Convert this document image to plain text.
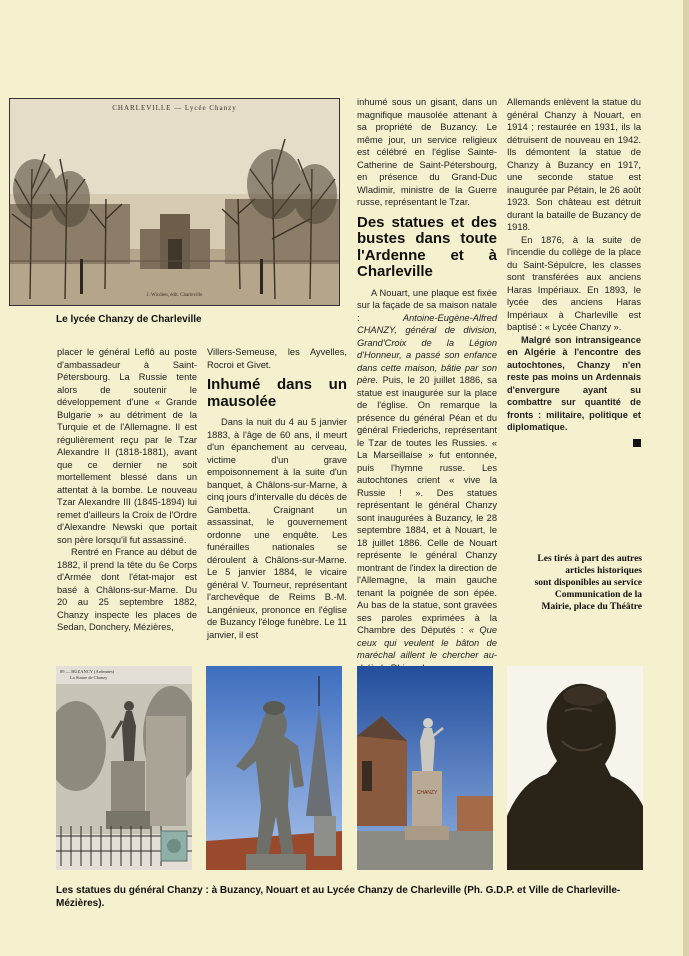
CHARLEVILLE — Lycée Chanzy
J. Wicdieu, édit. Charleville
Le lycée Chanzy de Charleville

placer le général Leflô au poste d'ambassadeur à Saint-Pétersbourg. La Russie tente alors de soutenir le développement d'une « Grande Bulgarie » au détriment de la Turquie et de l'Allemagne. Il est régulièrement reçu par le Tzar Alexandre II (1818-1881), avant que ce dernier ne soit mortellement blessé dans un attentat à la bombe. Le nouveau Tzar Alexandre III (1845-1894) lui remet d'ailleurs la Croix de l'Ordre d'Alexandre Newski que portait son père lorsqu'il fut assassiné.

Rentré en France au début de 1882, il prend la tête du 6e Corps d'Armée dont l'état-major est basé à Châlons-sur-Marne. Du 20 au 25 septembre 1882, Chanzy inspecte les places de Sedan, Donchery, Mézières,

Villers-Semeuse, les Ayvelles, Rocroi et Givet.

Inhumé dans un mausolée

Dans la nuit du 4 au 5 janvier 1883, à l'âge de 60 ans, il meurt d'un épanchement au cerveau, victime d'un grave empoisonnement à la suite d'un banquet, à Châlons-sur-Marne, à cinq jours d'intervalle du décès de Gambetta. Craignant un assassinat, le gouvernement ordonne une enquête. Les funérailles nationales se déroulent à Châlons-sur-Marne. Le 5 janvier 1884, le vicaire général V. Tourneur, représentant l'archevêque de Reims B.-M. Langénieux, prononce en l'église de Buzancy l'éloge funèbre. Le 11 janvier, il est

inhumé sous un gisant, dans un magnifique mausolée attenant à sa propriété de Buzancy. Le même jour, un service religieux est célébré en l'église Sainte-Catherine de Saint-Pétersbourg, en présence du Grand-Duc Wladimir, ministre de la Guerre russe, représentant le Tzar.

Des statues et des bustes dans toute l'Ardenne et à Charleville

A Nouart, une plaque est fixée sur la façade de sa maison natale : Antoine-Eugène-Alfred CHANZY, général de division, Grand'Croix de la Légion d'Honneur, a passé son enfance dans cette maison, bâtie par son père. Puis, le 20 juillet 1886, sa statue est inaugurée sur la place de l'église. On remarque la présence du général Péan et du général Friederichs, représentant le Tzar de toutes les Russies. « La Marseillaise » fut entonnée, puis l'hymne russe. Les autochtones crient « vive la Russie ! ». Des statues représentant le général Chanzy sont inaugurées à Buzancy, le 28 septembre 1884, et à Nouart, le 18 juillet 1886. Celle de Nouart représente le général Chanzy montrant de l'index la direction de l'Allemagne, la main gauche tenant la poignée de son épée. Au bas de la statue, sont gravées ses paroles exprimées à la Chambre des Députés : « Que ceux qui veulent le bâton de maréchal aillent le chercher au-

Allemands enlèvent la statue du général Chanzy à Nouart, en 1914 ; restaurée en 1931, ils la détruisent de nouveau en 1942. Ils démontent la statue de Chanzy à Buzancy en 1917, une seconde statue est inaugurée par Pétain, le 26 août 1923. Son château est détruit durant la bataille de Buzancy de 1918.

En 1876, à la suite de l'incendie du collège de la place du Saint-Sépulcre, les classes sont transférées aux anciens Haras Impériaux. En 1893, le lycée des anciens Haras Impériaux à Charleville est baptisé : « Lycée Chanzy ».

Malgré son intransigeance en Algérie à l'encontre des autochtones, Chanzy n'en reste pas moins un Ardennais d'envergure ayant su combattre sur quantité de fronts : militaire, politique et diplomatique.

Les tirés à part des autres
articles historiques
sont disponibles au service
Communication de la
Mairie, place du Théâtre
89 — BUZANCY (Ardennes)
La Statue de Chanzy
CHANZY
Les statues du général Chanzy : à Buzancy, Nouart et au Lycée Chanzy de Charleville (Ph. G.D.P. et Ville de Charleville-Mézières).
